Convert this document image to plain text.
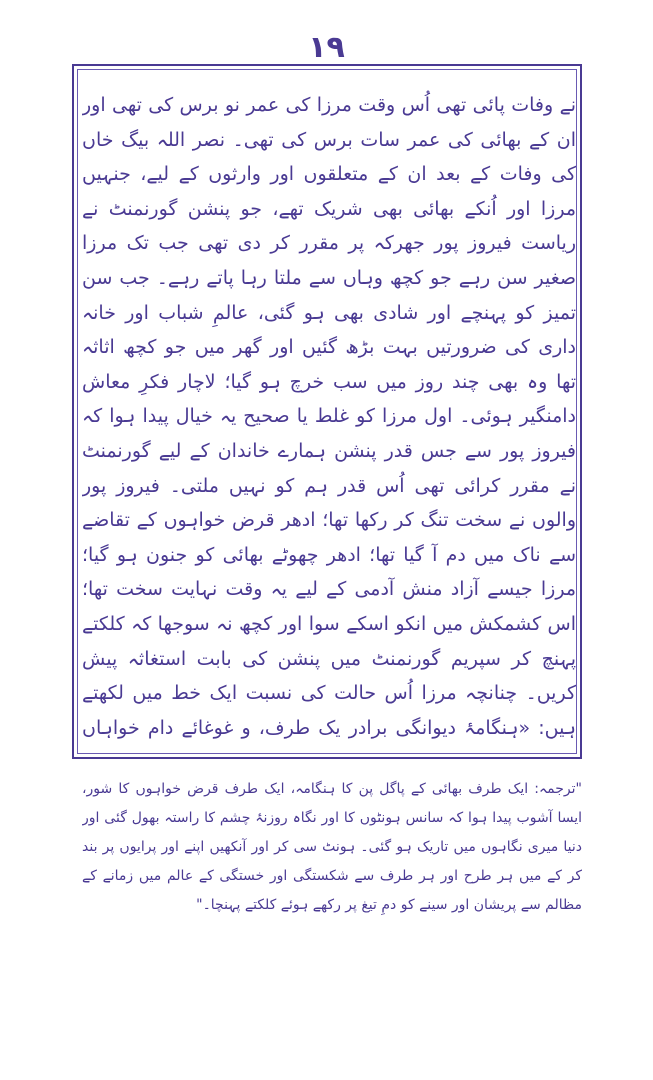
۱۹
نے وفات پائی تھی اُس وقت مرزا کی عمر نو برس کی تھی اور ان کے بھائی کی عمر سات برس کی تھی۔ نصر اللہ بیگ خاں کی وفات کے بعد ان کے متعلقوں اور وارثوں کے لیے، جنہیں مرزا اور اُنکے بھائی بھی شریک تھے، جو پنشن گورنمنٹ نے ریاست فیروز پور جھرکہ پر مقرر کر دی تھی جب تک مرزا صغیر سن رہے جو کچھ وہاں سے ملتا رہا پاتے رہے۔ جب سن تمیز کو پہنچے اور شادی بھی ہو گئی، عالمِ شباب اور خانہ داری کی ضرورتیں بہت بڑھ گئیں اور گھر میں جو کچھ اثاثہ تھا وہ بھی چند روز میں سب خرچ ہو گیا؛ لاچار فکرِ معاش دامنگیر ہوئی۔ اول مرزا کو غلط یا صحیح یہ خیال پیدا ہوا کہ فیروز پور سے جس قدر پنشن ہمارے خاندان کے لیے گورنمنٹ نے مقرر کرائی تھی اُس قدر ہم کو نہیں ملتی۔ فیروز پور والوں نے سخت تنگ کر رکھا تھا؛ ادھر قرض خواہوں کے تقاضے سے ناک میں دم آ گیا تھا؛ ادھر چھوٹے بھائی کو جنون ہو گیا؛ مرزا جیسے آزاد منش آدمی کے لیے یہ وقت نہایت سخت تھا؛ اس کشمکش میں انکو اسکے سوا اور کچھ نہ سوجھا کہ کلکتے پہنچ کر سپریم گورنمنٹ میں پنشن کی بابت استغاثہ پیش کریں۔ چنانچہ مرزا اُس حالت کی نسبت ایک خط میں لکھتے ہیں: «ہنگامۂ دیوانگی برادر یک طرف، و غوغائے دام خواہاں
"ترجمہ: ایک طرف بھائی کے پاگل پن کا ہنگامہ، ایک طرف قرض خواہوں کا شور، ایسا آشوب پیدا ہوا کہ سانس ہونٹوں کا اور نگاہ روزنۂ چشم کا راستہ بھول گئی اور دنیا میری نگاہوں میں تاریک ہو گئی۔ ہونٹ سی کر اور آنکھیں اپنے اور پرایوں پر بند کر کے میں ہر طرح اور ہر طرف سے شکستگی اور خستگی کے عالم میں زمانے کے مظالم سے پریشان اور سینے کو دمِ تیغ پر رکھے ہوئے کلکتے پہنچا۔"
